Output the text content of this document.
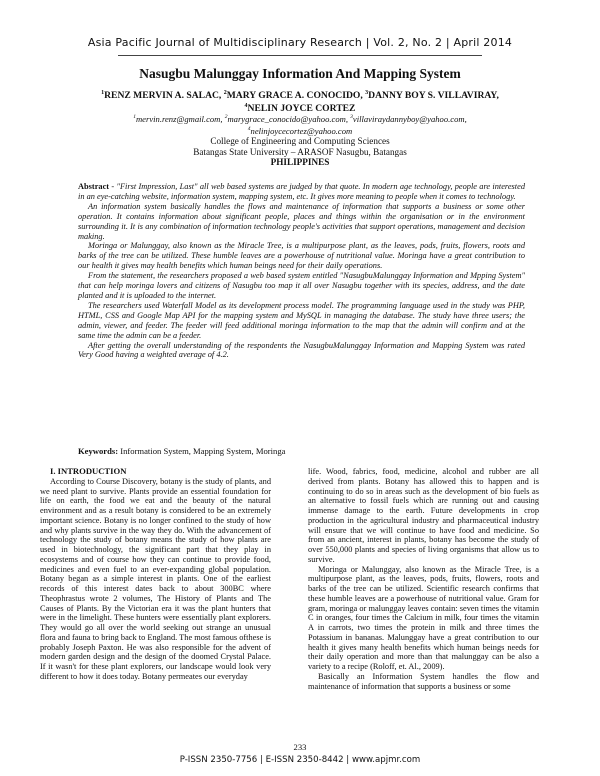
Asia Pacific Journal of Multidisciplinary Research | Vol. 2, No. 2 | April 2014
Nasugbu Malunggay Information And Mapping System
$^1$RENZ MERVIN A. SALAC, $^2$MARY GRACE A. CONOCIDO, $^3$DANNY BOY S. VILLAVIRAY,
$^4$NELIN JOYCE CORTEZ
$^1$mervin.renz@gmail.com, $^2$marygrace_conocido@yahoo.com, $^3$villaviraydannyboy@yahoo.com,
$^4$nelinjoycecortez@yahoo.com
College of Engineering and Computing Sciences
Batangas State University – ARASOF Nasugbu, Batangas
PHILIPPINES

Abstract - "First Impression, Last" all web based systems are judged by that quote. In modern age technology, people are interested in an eye-catching website, information system, mapping system, etc. It gives more meaning to people when it comes to technology.

An information system basically handles the flows and maintenance of information that supports a business or some other operation. It contains information about significant people, places and things within the organisation or in the environment surrounding it. It is any combination of information technology people's activities that support operations, management and decision making.

Moringa or Malunggay, also known as the Miracle Tree, is a multipurpose plant, as the leaves, pods, fruits, flowers, roots and barks of the tree can be utilized. These humble leaves are a powerhouse of nutritional value. Moringa have a great contribution to our health it gives may health benefits which human beings need for their daily operations.

From the statement, the researchers proposed a web based system entitled "NasugbuMalunggay Information and Mpping System" that can help moringa lovers and citizens of Nasugbu too map it all over Nasugbu together with its species, address, and the date planted and it is uploaded to the internet.

The researchers used Waterfall Model as its development process model. The programming language used in the study was PHP, HTML, CSS and Google Map API for the mapping system and MySQL in managing the database. The study have three users; the admin, viewer, and feeder. The feeder will feed additional moringa information to the map that the admin will confirm and at the same time the admin can be a feeder.

After getting the overall understanding of the respondents the NasugbuMalunggay Information and Mapping System was rated Very Good having a weighted average of 4.2.

Keywords: Information System, Mapping System, Moringa

I. INTRODUCTION

According to Course Discovery, botany is the study of plants, and we need plant to survive. Plants provide an essential foundation for life on earth, the food we eat and the beauty of the natural environment and as a result botany is considered to be an extremely important science. Botany is no longer confined to the study of how and why plants survive in the way they do. With the advancement of technology the study of botany means the study of how plants are used in biotechnology, the significant part that they play in ecosystems and of course how they can continue to provide food, medicines and even fuel to an ever-expanding global population. Botany began as a simple interest in plants. One of the earliest records of this interest dates back to about 300BC where Theophrastus wrote 2 volumes, The History of Plants and The Causes of Plants. By the Victorian era it was the plant hunters that were in the limelight. These hunters were essentially plant explorers. They would go all over the world seeking out strange an unusual flora and fauna to bring back to England. The most famous ofthese is probably Joseph Paxton. He was also responsible for the advent of modern garden design and the design of the doomed Crystal Palace. If it wasn't for these plant explorers, our landscape would look very different to how it does today. Botany permeates our everyday

life. Wood, fabrics, food, medicine, alcohol and rubber are all derived from plants. Botany has allowed this to happen and is continuing to do so in areas such as the development of bio fuels as an alternative to fossil fuels which are running out and causing immense damage to the earth. Future developments in crop production in the agricultural industry and pharmaceutical industry will ensure that we will continue to have food and medicine. So from an ancient, interest in plants, botany has become the study of over 550,000 plants and species of living organisms that allow us to survive.

Moringa or Malunggay, also known as the Miracle Tree, is a multipurpose plant, as the leaves, pods, fruits, flowers, roots and barks of the tree can be utilized. Scientific research confirms that these humble leaves are a powerhouse of nutritional value. Gram for gram, moringa or malunggay leaves contain: seven times the vitamin C in oranges, four times the Calcium in milk, four times the vitamin A in carrots, two times the protein in milk and three times the Potassium in bananas. Malunggay have a great contribution to our health it gives many health benefits which human beings needs for their daily operation and more than that malunggay can be also a variety to a recipe (Roloff, et. Al., 2009).

Basically an Information System handles the flow and maintenance of information that supports a business or some

233
P-ISSN 2350-7756 | E-ISSN 2350-8442 | www.apjmr.com
